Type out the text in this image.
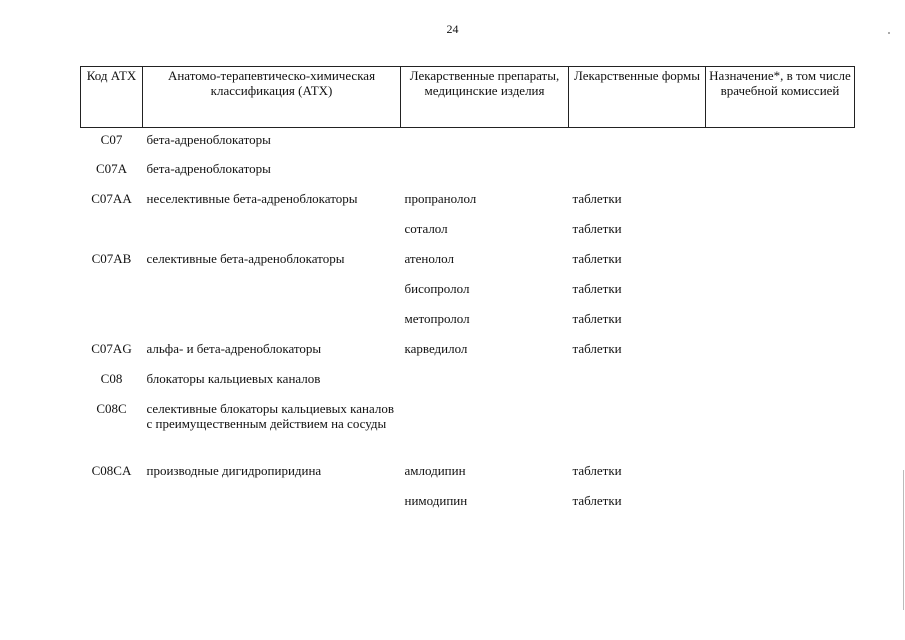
24
Код АТХ	Анатомо-терапевтическо-химическая классификация (АТХ)	Лекарственные препараты, медицинские изделия	Лекарственные формы	Назначение*, в том числе врачебной комиссией
C07	бета-адреноблокаторы			
C07A	бета-адреноблокаторы			
C07AA	неселективные бета-адреноблокаторы	пропранолол	таблетки	
		соталол	таблетки	
C07AB	селективные бета-адреноблокаторы	атенолол	таблетки	
		бисопролол	таблетки	
		метопролол	таблетки	
C07AG	альфа- и бета-адреноблокаторы	карведилол	таблетки	
C08	блокаторы кальциевых каналов			
C08C	селективные блокаторы кальциевых каналов с преимущественным действием на сосуды			
C08CA	производные дигидропиридина	амлодипин	таблетки	
		нимодипин	таблетки	
